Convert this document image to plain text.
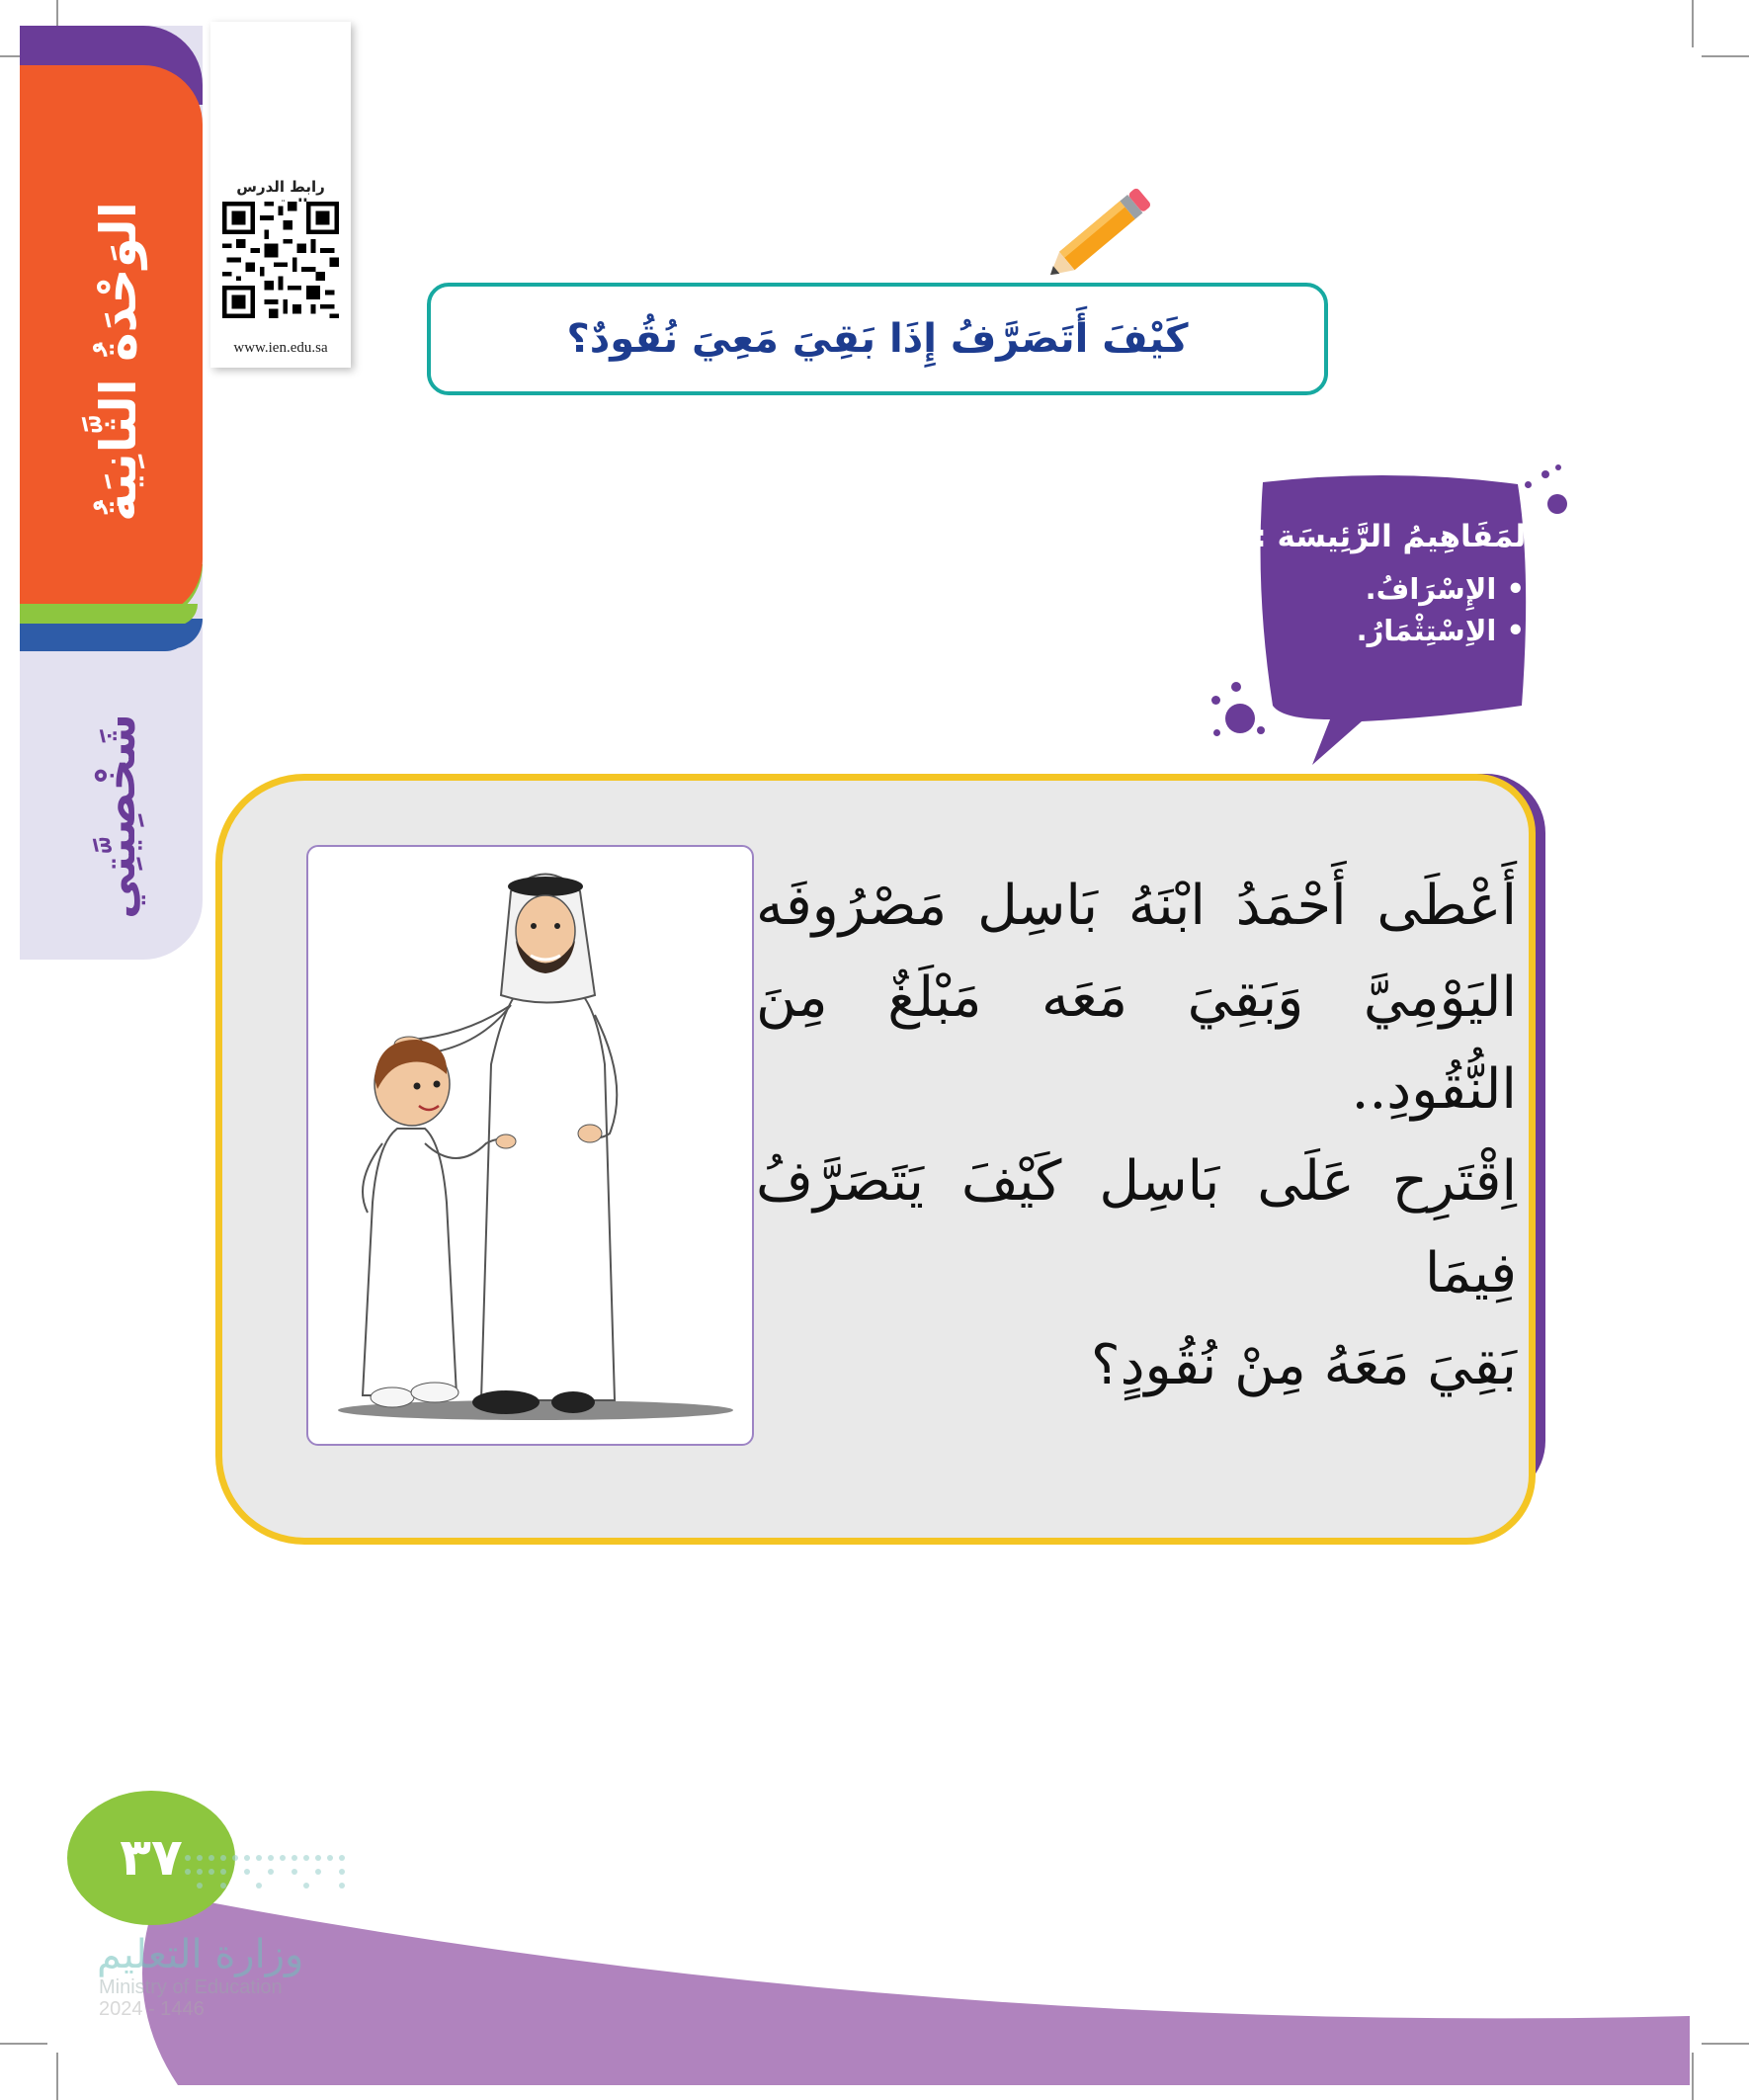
الوَحْدَةُ الثَّانِيَةُ
شَخْصِيَّتِي
رابط الدرس
www.ien.edu.sa	كَيْفَ أَتَصَرَّفُ إِذَا بَقِيَ مَعِيَ نُقُودٌ؟
المَفَاهِيمُ الرَّئِيسَة :
• الإِسْرَافُ.
• الاِسْتِثْمَارُ.

أَعْطَى أَحْمَدُ ابْنَهُ بَاسِل مَصْرُوفَه

اليَوْمِيَّ وَبَقِيَ مَعَه مَبْلَغٌ مِنَ النُّقُودِ..

اِقْتَرِح عَلَى بَاسِل كَيْفَ يَتَصَرَّفُ فِيمَا

بَقِيَ مَعَهُ مِنْ نُقُودٍ؟

٣٧
وزارة التعليم
Ministry of Education
2024 - 1446
